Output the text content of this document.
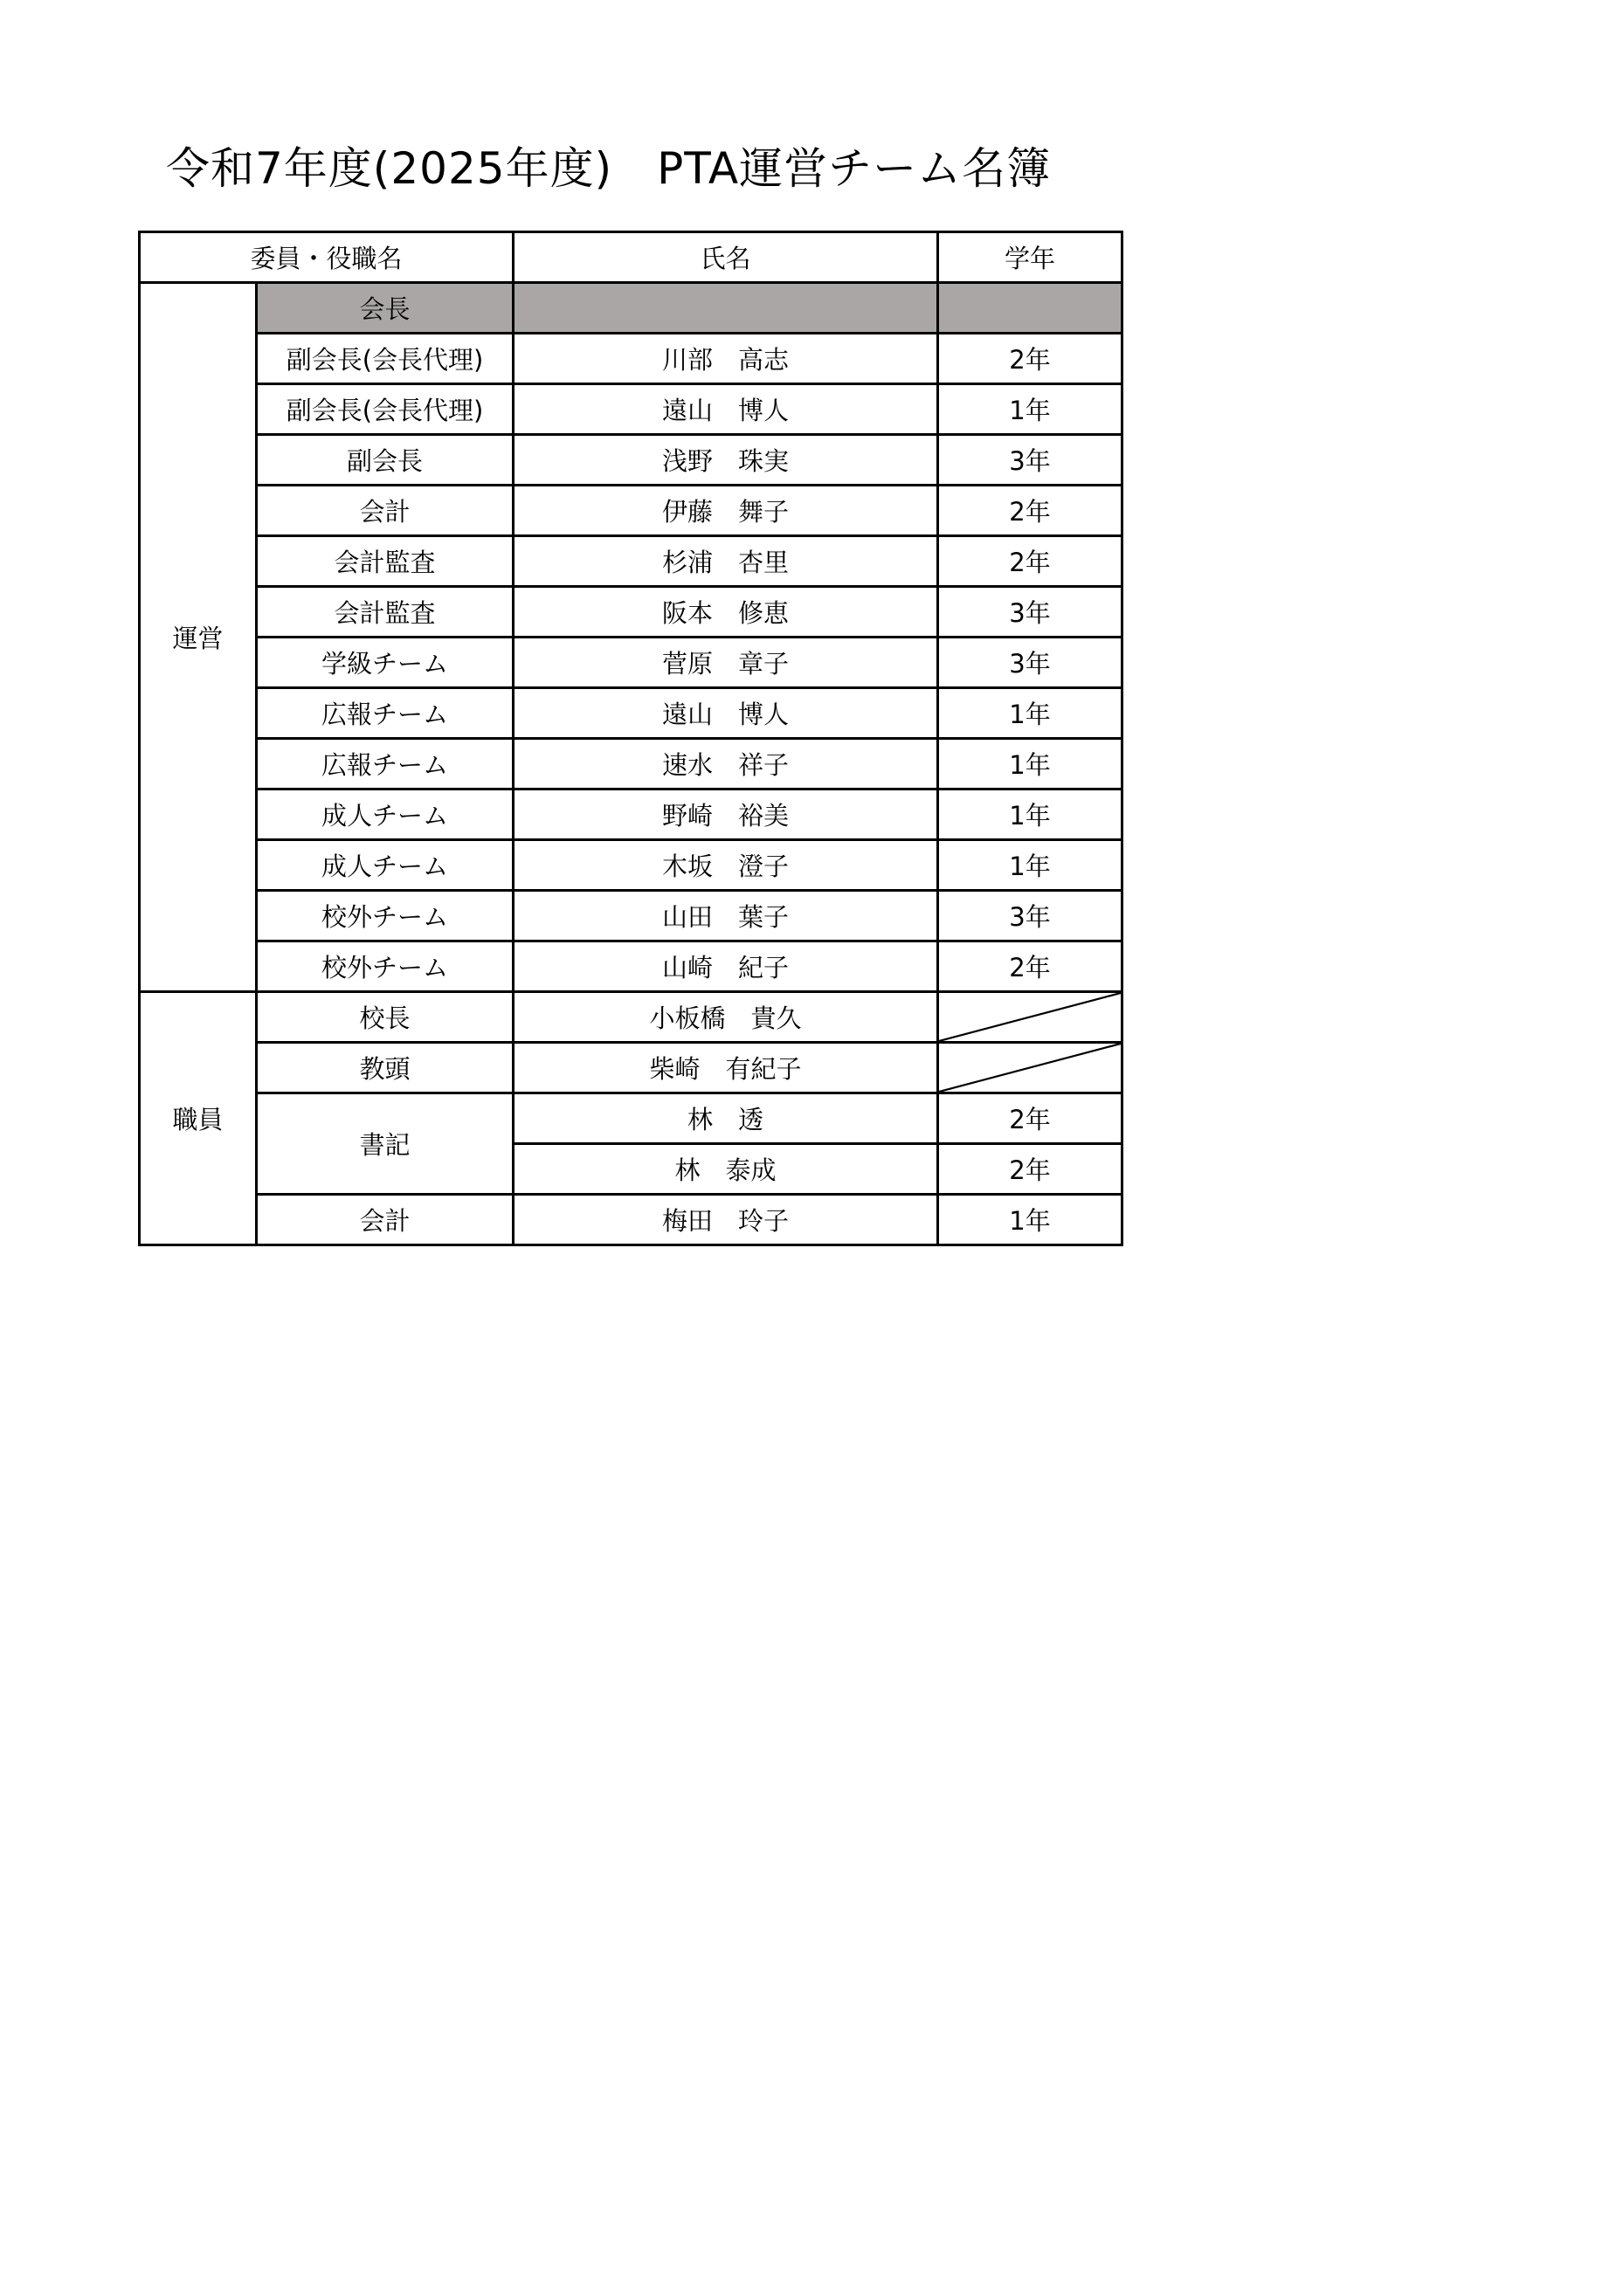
令和7年度(2025年度)　PTA運営チーム名簿
委員・役職名		氏名	学年
運営	会長		
	副会長(会長代理)	川部　高志	2年
	副会長(会長代理)	遠山　博人	1年
	副会長	浅野　珠実	3年
	会計	伊藤　舞子	2年
	会計監査	杉浦　杏里	2年
	会計監査	阪本　修恵	3年
	学級チーム	菅原　章子	3年
	広報チーム	遠山　博人	1年
	広報チーム	速水　祥子	1年
	成人チーム	野崎　裕美	1年
	成人チーム	木坂　澄子	1年
	校外チーム	山田　葉子	3年
	校外チーム	山崎　紀子	2年
職員	校長	小板橋　貴久	

	教頭	柴崎　有紀子	

	書記	林　透	2年
		林　泰成	2年
	会計	梅田　玲子	1年
